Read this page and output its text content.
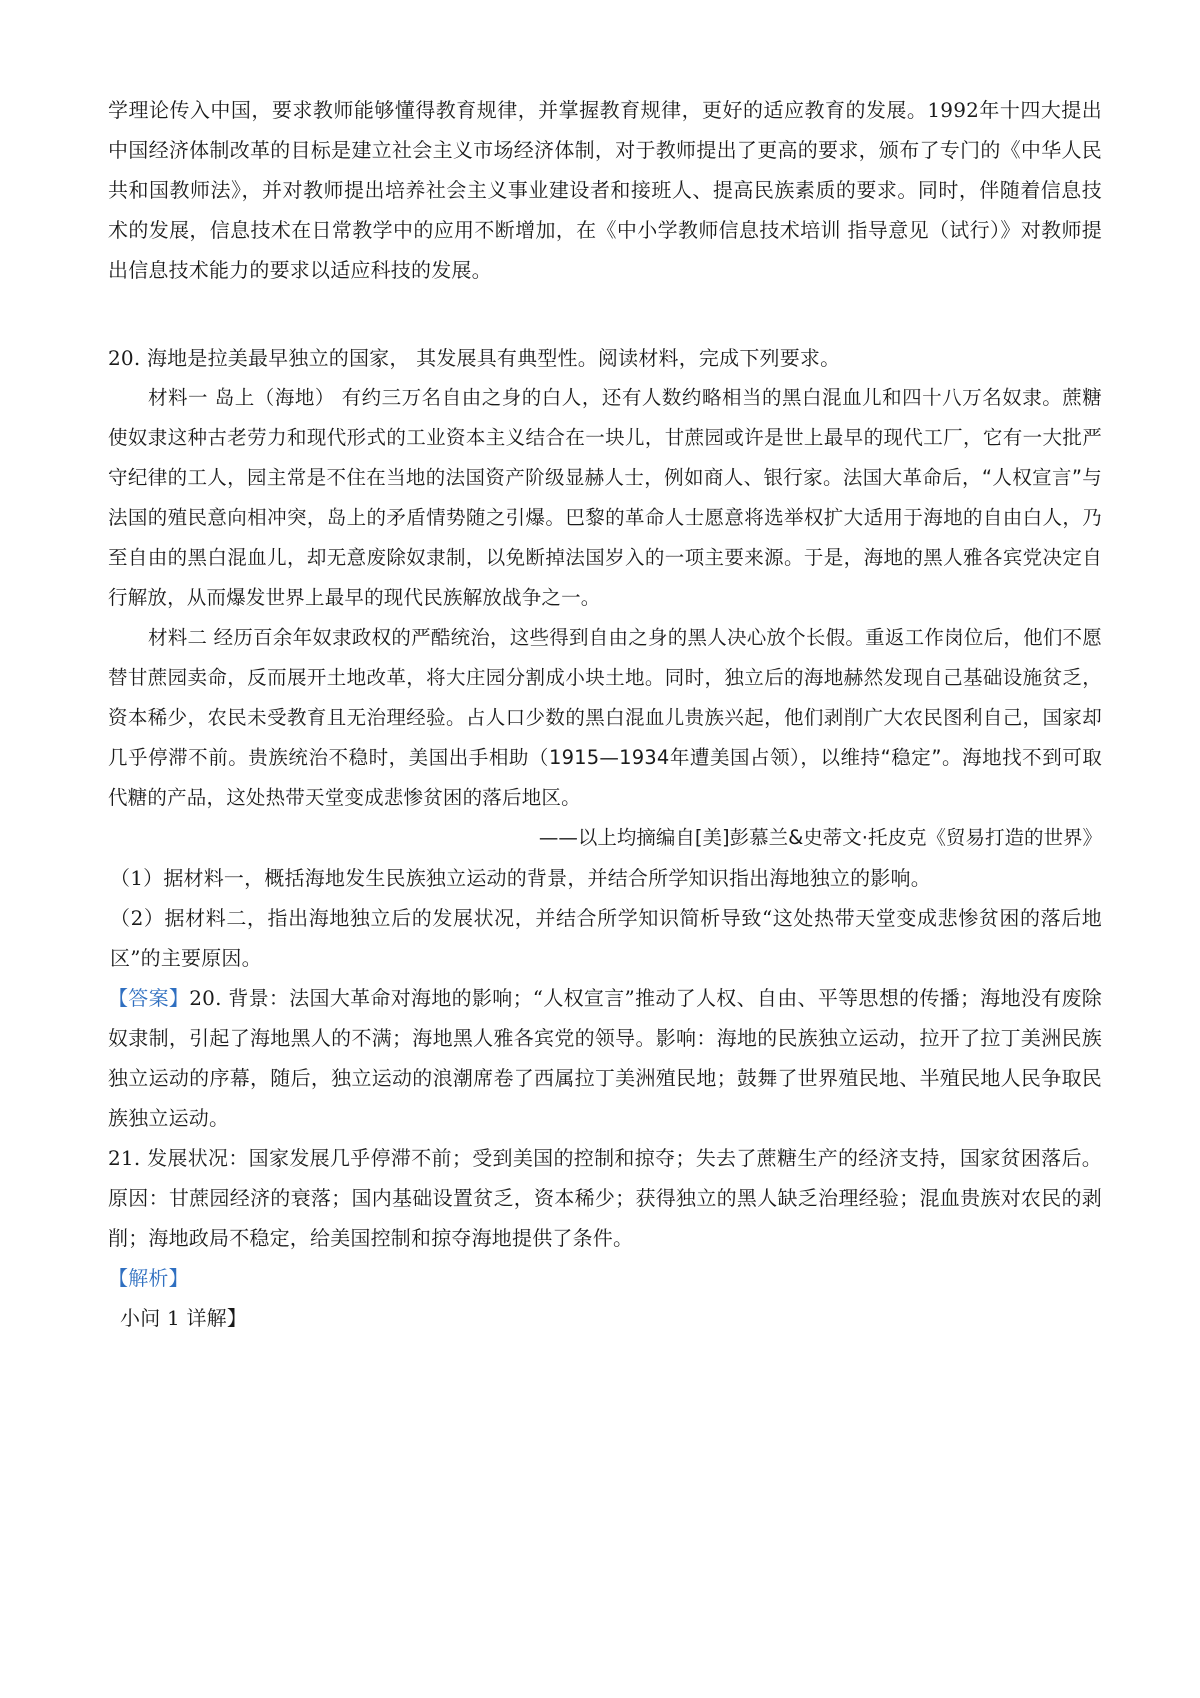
学理论传入中国，要求教师能够懂得教育规律，并掌握教育规律，更好的适应教育的发展。1992年十四大提出中国经济体制改革的目标是建立社会主义市场经济体制，对于教师提出了更高的要求，颁布了专门的《中华人民共和国教师法》，并对教师提出培养社会主义事业建设者和接班人、提高民族素质的要求。同时，伴随着信息技术的发展，信息技术在日常教学中的应用不断增加，在《中小学教师信息技术培训 指导意见（试行）》对教师提出信息技术能力的要求以适应科技的发展。

20. 海地是拉美最早独立的国家， 其发展具有典型性。阅读材料，完成下列要求。

材料一 岛上（海地） 有约三万名自由之身的白人，还有人数约略相当的黑白混血儿和四十八万名奴隶。蔗糖使奴隶这种古老劳力和现代形式的工业资本主义结合在一块儿，甘蔗园或许是世上最早的现代工厂，它有一大批严守纪律的工人，园主常是不住在当地的法国资产阶级显赫人士，例如商人、银行家。法国大革命后，“人权宣言”与法国的殖民意向相冲突，岛上的矛盾情势随之引爆。巴黎的革命人士愿意将选举权扩大适用于海地的自由白人，乃至自由的黑白混血儿，却无意废除奴隶制，以免断掉法国岁入的一项主要来源。于是，海地的黑人雅各宾党决定自行解放，从而爆发世界上最早的现代民族解放战争之一。

材料二 经历百余年奴隶政权的严酷统治，这些得到自由之身的黑人决心放个长假。重返工作岗位后，他们不愿替甘蔗园卖命，反而展开土地改革，将大庄园分割成小块土地。同时，独立后的海地赫然发现自己基础设施贫乏，资本稀少，农民未受教育且无治理经验。占人口少数的黑白混血儿贵族兴起，他们剥削广大农民图利自己，国家却几乎停滞不前。贵族统治不稳时，美国出手相助（1915—1934年遭美国占领），以维持“稳定”。海地找不到可取代糖的产品，这处热带天堂变成悲惨贫困的落后地区。

——以上均摘编自[美]彭慕兰&史蒂文·托皮克《贸易打造的世界》

（1）据材料一，概括海地发生民族独立运动的背景，并结合所学知识指出海地独立的影响。

（2）据材料二，指出海地独立后的发展状况，并结合所学知识简析导致“这处热带天堂变成悲惨贫困的落后地区”的主要原因。

【答案】20. 背景：法国大革命对海地的影响；“人权宣言”推动了人权、自由、平等思想的传播；海地没有废除奴隶制，引起了海地黑人的不满；海地黑人雅各宾党的领导。影响：海地的民族独立运动，拉开了拉丁美洲民族独立运动的序幕，随后，独立运动的浪潮席卷了西属拉丁美洲殖民地；鼓舞了世界殖民地、半殖民地人民争取民族独立运动。

21. 发展状况：国家发展几乎停滞不前；受到美国的控制和掠夺；失去了蔗糖生产的经济支持，国家贫困落后。原因：甘蔗园经济的衰落；国内基础设置贫乏，资本稀少；获得独立的黑人缺乏治理经验；混血贵族对农民的剥削；海地政局不稳定，给美国控制和掠夺海地提供了条件。

【解析】

小问 1 详解】
